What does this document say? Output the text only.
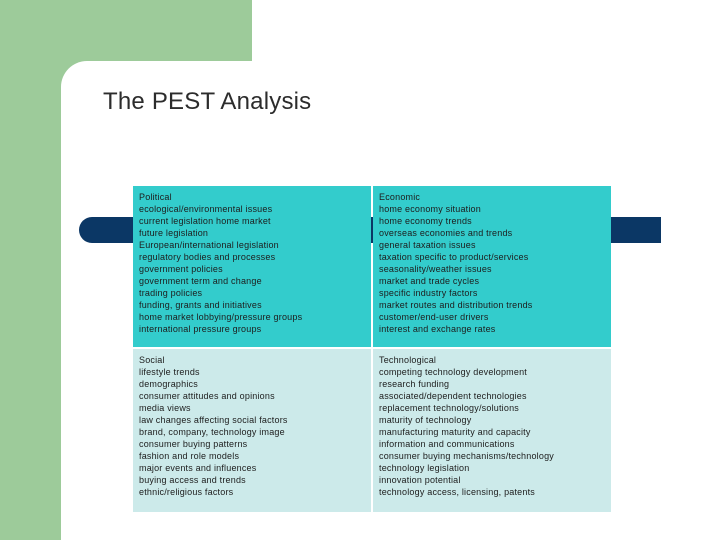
The PEST Analysis
Political
ecological/environmental issues
current legislation home market
future legislation
European/international legislation
regulatory bodies and processes
government policies
government term and change
trading policies
funding, grants and initiatives
home market lobbying/pressure groups
international pressure groups
Economic
home economy situation
home economy trends
overseas economies and trends
general taxation issues
taxation specific to product/services
seasonality/weather issues
market and trade cycles
specific industry factors
market routes and distribution trends
customer/end-user drivers
interest and exchange rates
Social
lifestyle trends
demographics
consumer attitudes and opinions
media views
law changes affecting social factors
brand, company, technology image
consumer buying patterns
fashion and role models
major events and influences
buying access and trends
ethnic/religious factors
Technological
competing technology development
research funding
associated/dependent technologies
replacement technology/solutions
maturity of technology
manufacturing maturity and capacity
information and communications
consumer buying mechanisms/technology
technology legislation
innovation potential
technology access, licensing, patents
